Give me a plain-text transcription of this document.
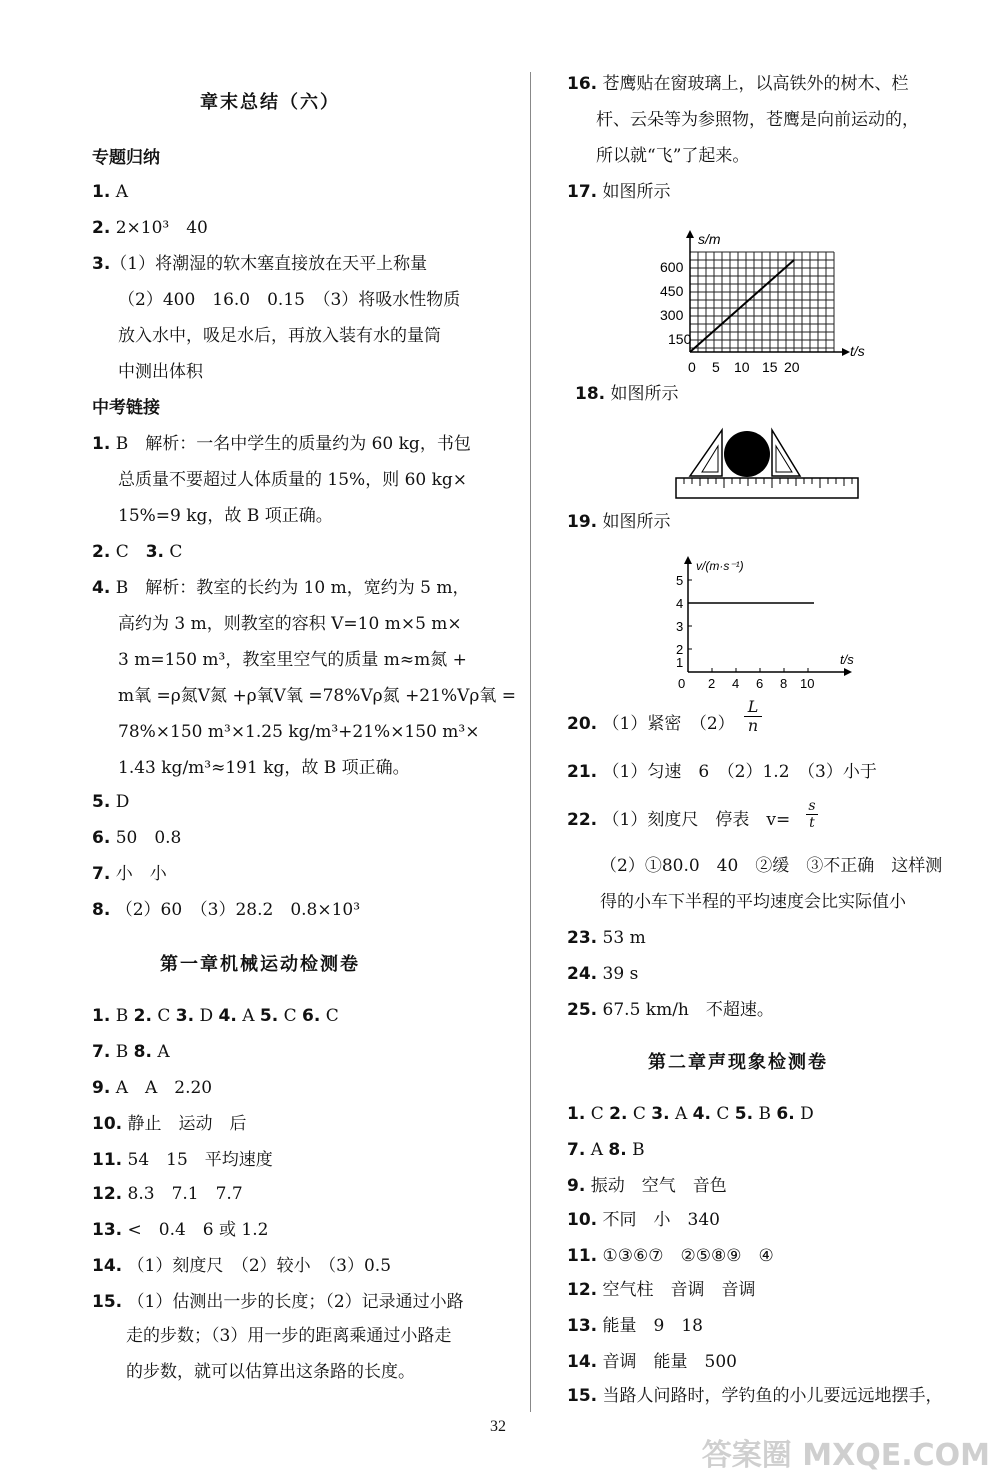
章末总结（六）
专题归纳
1. A
2. 2×10³　40
3.（1）将潮湿的软木塞直接放在天平上称量
（2）400　16.0　0.15　（3）将吸水性物质
放入水中，吸足水后，再放入装有水的量筒
中测出体积
中考链接
1. B　解析：一名中学生的质量约为 60 kg，书包
总质量不要超过人体质量的 15%，则 60 kg×
15%=9 kg，故 B 项正确。
2. C　3. C
4. B　解析：教室的长约为 10 m，宽约为 5 m，
高约为 3 m，则教室的容积 V=10 m×5 m×
3 m=150 m³，教室里空气的质量 m≈m氮 +
m氧 =ρ氮V氮 +ρ氧V氧 =78%Vρ氮 +21%Vρ氧 =
78%×150 m³×1.25 kg/m³+21%×150 m³×
1.43 kg/m³≈191 kg，故 B 项正确。
5. D
6. 50　0.8
7. 小　小
8. （2）60　（3）28.2　0.8×10³
第一章机械运动检测卷
1. B 2. C 3. D 4. A 5. C 6. C
7. B 8. A
9. A　A　2.20
10. 静止　运动　后
11. 54　15　平均速度
12. 8.3　7.1　7.7
13. <　0.4　6 或 1.2
14. （1）刻度尺　（2）较小　（3）0.5
15. （1）估测出一步的长度；（2）记录通过小路
走的步数；（3）用一步的距离乘通过小路走
的步数，就可以估算出这条路的长度。
16. 苍鹰贴在窗玻璃上，以高铁外的树木、栏
杆、云朵等为参照物，苍鹰是向前运动的，
所以就“飞”了起来。
17. 如图所示
s/m
t/s
600
450
300
150
0 5 10 15 20
18. 如图所示
19. 如图所示
v/(m·s⁻¹)
t/s
5
4
3
2
1
0 2 4 6 8 10
20. （1）紧密　（2）
L
n
21. （1）匀速　6　（2）1.2　（3）小于
22. （1）刻度尺　停表　v=
s
t
（2）①80.0　40　②缓　③不正确　这样测
得的小车下半程的平均速度会比实际值小
23. 53 m
24. 39 s
25. 67.5 km/h　不超速。
第二章声现象检测卷
1. C 2. C 3. A 4. C 5. B 6. D
7. A 8. B
9. 振动　空气　音色
10. 不同　小　340
11. ①③⑥⑦　②⑤⑧⑨　④
12. 空气柱　音调　音调
13. 能量　9　18
14. 音调　能量　500
15. 当路人问路时，学钓鱼的小儿要远远地摆手，
32
答案圈 MXQE.COM
